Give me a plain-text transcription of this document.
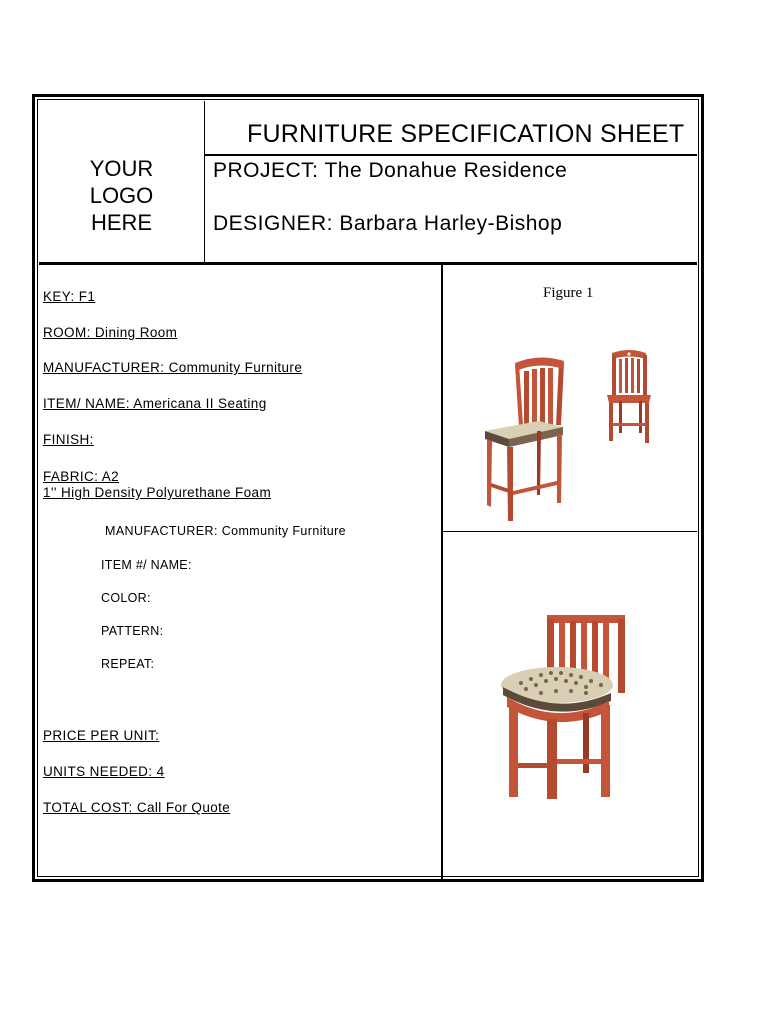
YOUR
LOGO
HERE
FURNITURE SPECIFICATION SHEET
PROJECT: The Donahue Residence
DESIGNER: Barbara Harley-Bishop
KEY: F1
ROOM: Dining Room
MANUFACTURER: Community Furniture
ITEM/ NAME: Americana II Seating
FINISH:
FABRIC: A2
1'' High Density Polyurethane Foam
MANUFACTURER: Community Furniture
ITEM #/ NAME:
COLOR:
PATTERN:
REPEAT:
PRICE PER UNIT:
UNITS NEEDED: 4
TOTAL COST: Call For Quote
Figure 1
